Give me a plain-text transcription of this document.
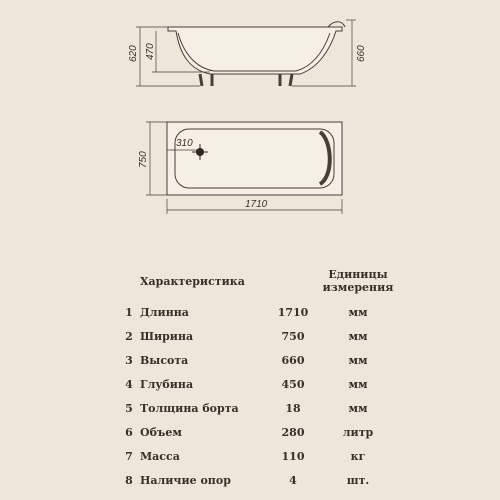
620 470	660
750
310
1710
	Характеристика		Единицы измерения
1	Длинна	1710	мм
2	Ширина	750	мм
3	Высота	660	мм
4	Глубина	450	мм
5	Толщина борта	18	мм
6	Объем	280	литр
7	Масса	110	кг
8	Наличие опор	4	шт.
